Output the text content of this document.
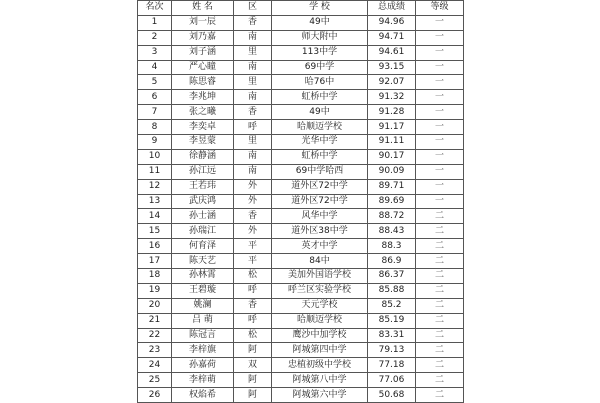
名次	姓 名	区	学 校	总成绩	等级
1	刘一辰	香	49中	94.96	一
2	刘乃嘉	南	师大附中	94.71	一
3	刘子涵	里	113中学	94.61	一
4	严心瞳	南	69中学	93.15	一
5	陈思睿	里	哈76中	92.07	一
6	李兆坤	南	虹桥中学	91.32	一
7	张之曦	香	49中	91.28	一
8	李奕卓	呼	哈顺迈学校	91.17	一
9	李昱蒙	里	光华中学	91.11	一
10	徐静涵	南	虹桥中学	90.17	一
11	孙江远	南	69中学哈西	90.09	一
12	王若玮	外	道外区72中学	89.71	一
13	武庆鸿	外	道外区72中学	89.69	一
14	孙士涵	香	风华中学	88.72	二
15	孙瑞江	外	道外区38中学	88.43	二
16	何育泽	平	英才中学	88.3	二
17	陈天艺	平	84中	86.9	二
18	孙林霄	松	美加外国语学校	86.37	二
19	王碧璇	呼	呼兰区实验学校	85.88	二
20	姚澜	香	天元学校	85.2	二
21	吕 萌	呼	哈顺迈学校	85.19	二
22	陈冠言	松	鹰沙中加学校	83.31	二
23	李梓旗	阿	阿城第四中学	79.13	二
24	孙嘉荷	双	忠植初级中学校	77.18	二
25	李梓萌	阿	阿城第八中学	77.06	二
26	权焰希	阿	阿城第六中学	50.68	二
